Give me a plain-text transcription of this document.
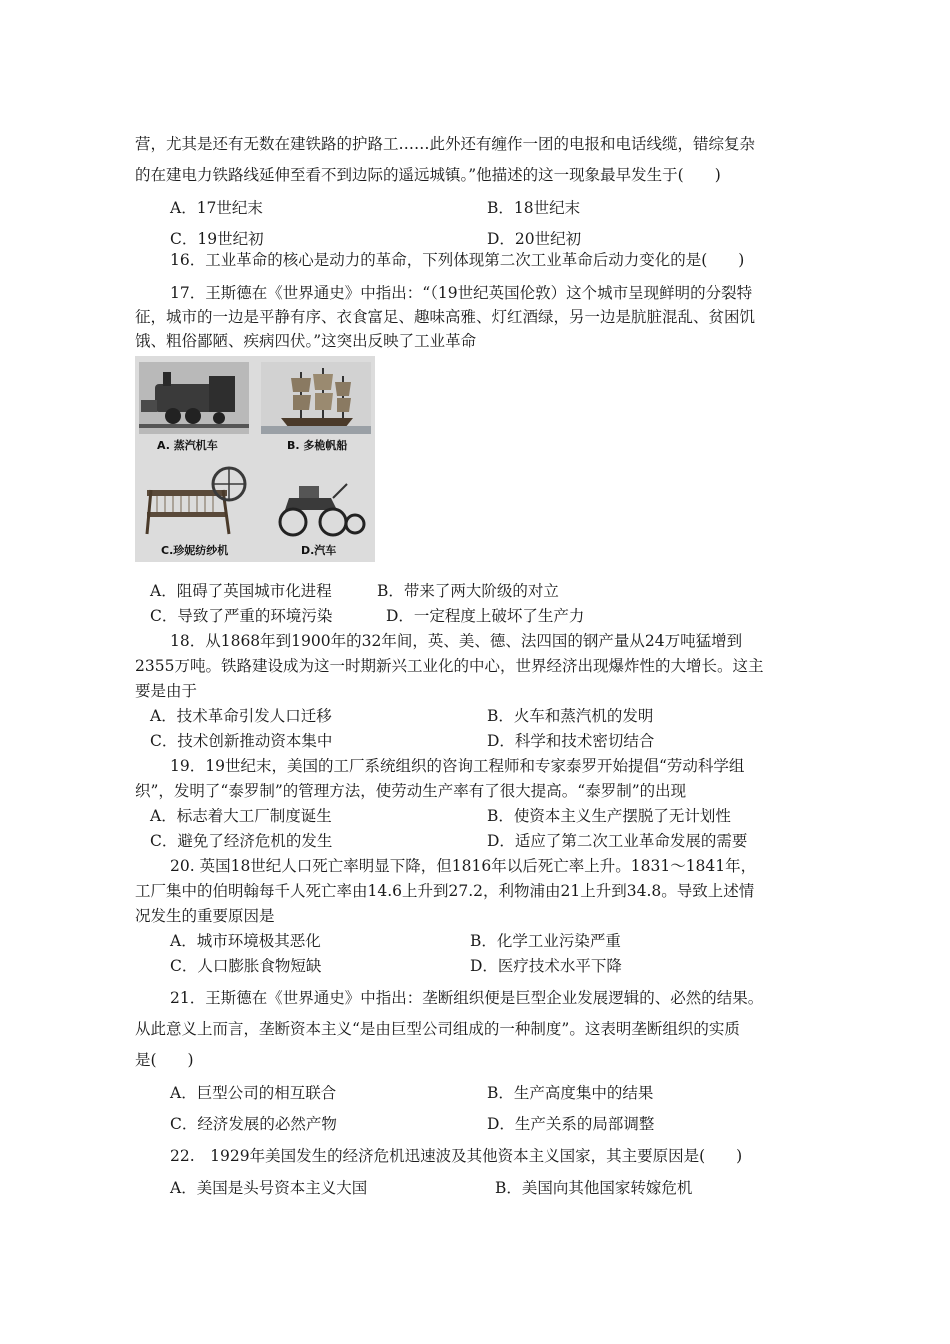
营，尤其是还有无数在建铁路的护路工……此外还有缠作一团的电报和电话线缆，错综复杂
的在建电力铁路线延伸至看不到边际的遥远城镇。”他描述的这一现象最早发生于(　　)
A．17世纪末	B．18世纪末
C．19世纪初	D．20世纪初
16．工业革命的核心是动力的革命，下列体现第二次工业革命后动力变化的是(　　)
17．王斯德在《世界通史》中指出：“（19世纪英国伦敦）这个城市呈现鲜明的分裂特
征，城市的一边是平静有序、衣食富足、趣味高雅、灯红酒绿，另一边是肮脏混乱、贫困饥
饿、粗俗鄙陋、疾病四伏。”这突出反映了工业革命
A. 蒸汽机车	B. 多桅帆船
C.珍妮纺纱机	D.汽车
A．阻碍了英国城市化进程	B．带来了两大阶级的对立
C．导致了严重的环境污染	D．一定程度上破坏了生产力
18．从1868年到1900年的32年间，英、美、德、法四国的钢产量从24万吨猛增到
2355万吨。铁路建设成为这一时期新兴工业化的中心，世界经济出现爆炸性的大增长。这主
要是由于
A．技术革命引发人口迁移	B．火车和蒸汽机的发明
C．技术创新推动资本集中	D．科学和技术密切结合
19．19世纪末，美国的工厂系统组织的咨询工程师和专家泰罗开始提倡“劳动科学组
织”，发明了“泰罗制”的管理方法，使劳动生产率有了很大提高。“泰罗制”的出现
A．标志着大工厂制度诞生	B．使资本主义生产摆脱了无计划性
C．避免了经济危机的发生	D．适应了第二次工业革命发展的需要
20. 英国18世纪人口死亡率明显下降，但1816年以后死亡率上升。1831～1841年，
工厂集中的伯明翰每千人死亡率由14.6上升到27.2，利物浦由21上升到34.8。导致上述情
况发生的重要原因是
A．城市环境极其恶化	B．化学工业污染严重
C．人口膨胀食物短缺	D．医疗技术水平下降
21．王斯德在《世界通史》中指出：垄断组织便是巨型企业发展逻辑的、必然的结果。
从此意义上而言，垄断资本主义“是由巨型公司组成的一种制度”。这表明垄断组织的实质
是(　　)
A．巨型公司的相互联合	B．生产高度集中的结果
C．经济发展的必然产物	D．生产关系的局部调整
22.　1929年美国发生的经济危机迅速波及其他资本主义国家，其主要原因是(　　)
A．美国是头号资本主义大国	B．美国向其他国家转嫁危机
